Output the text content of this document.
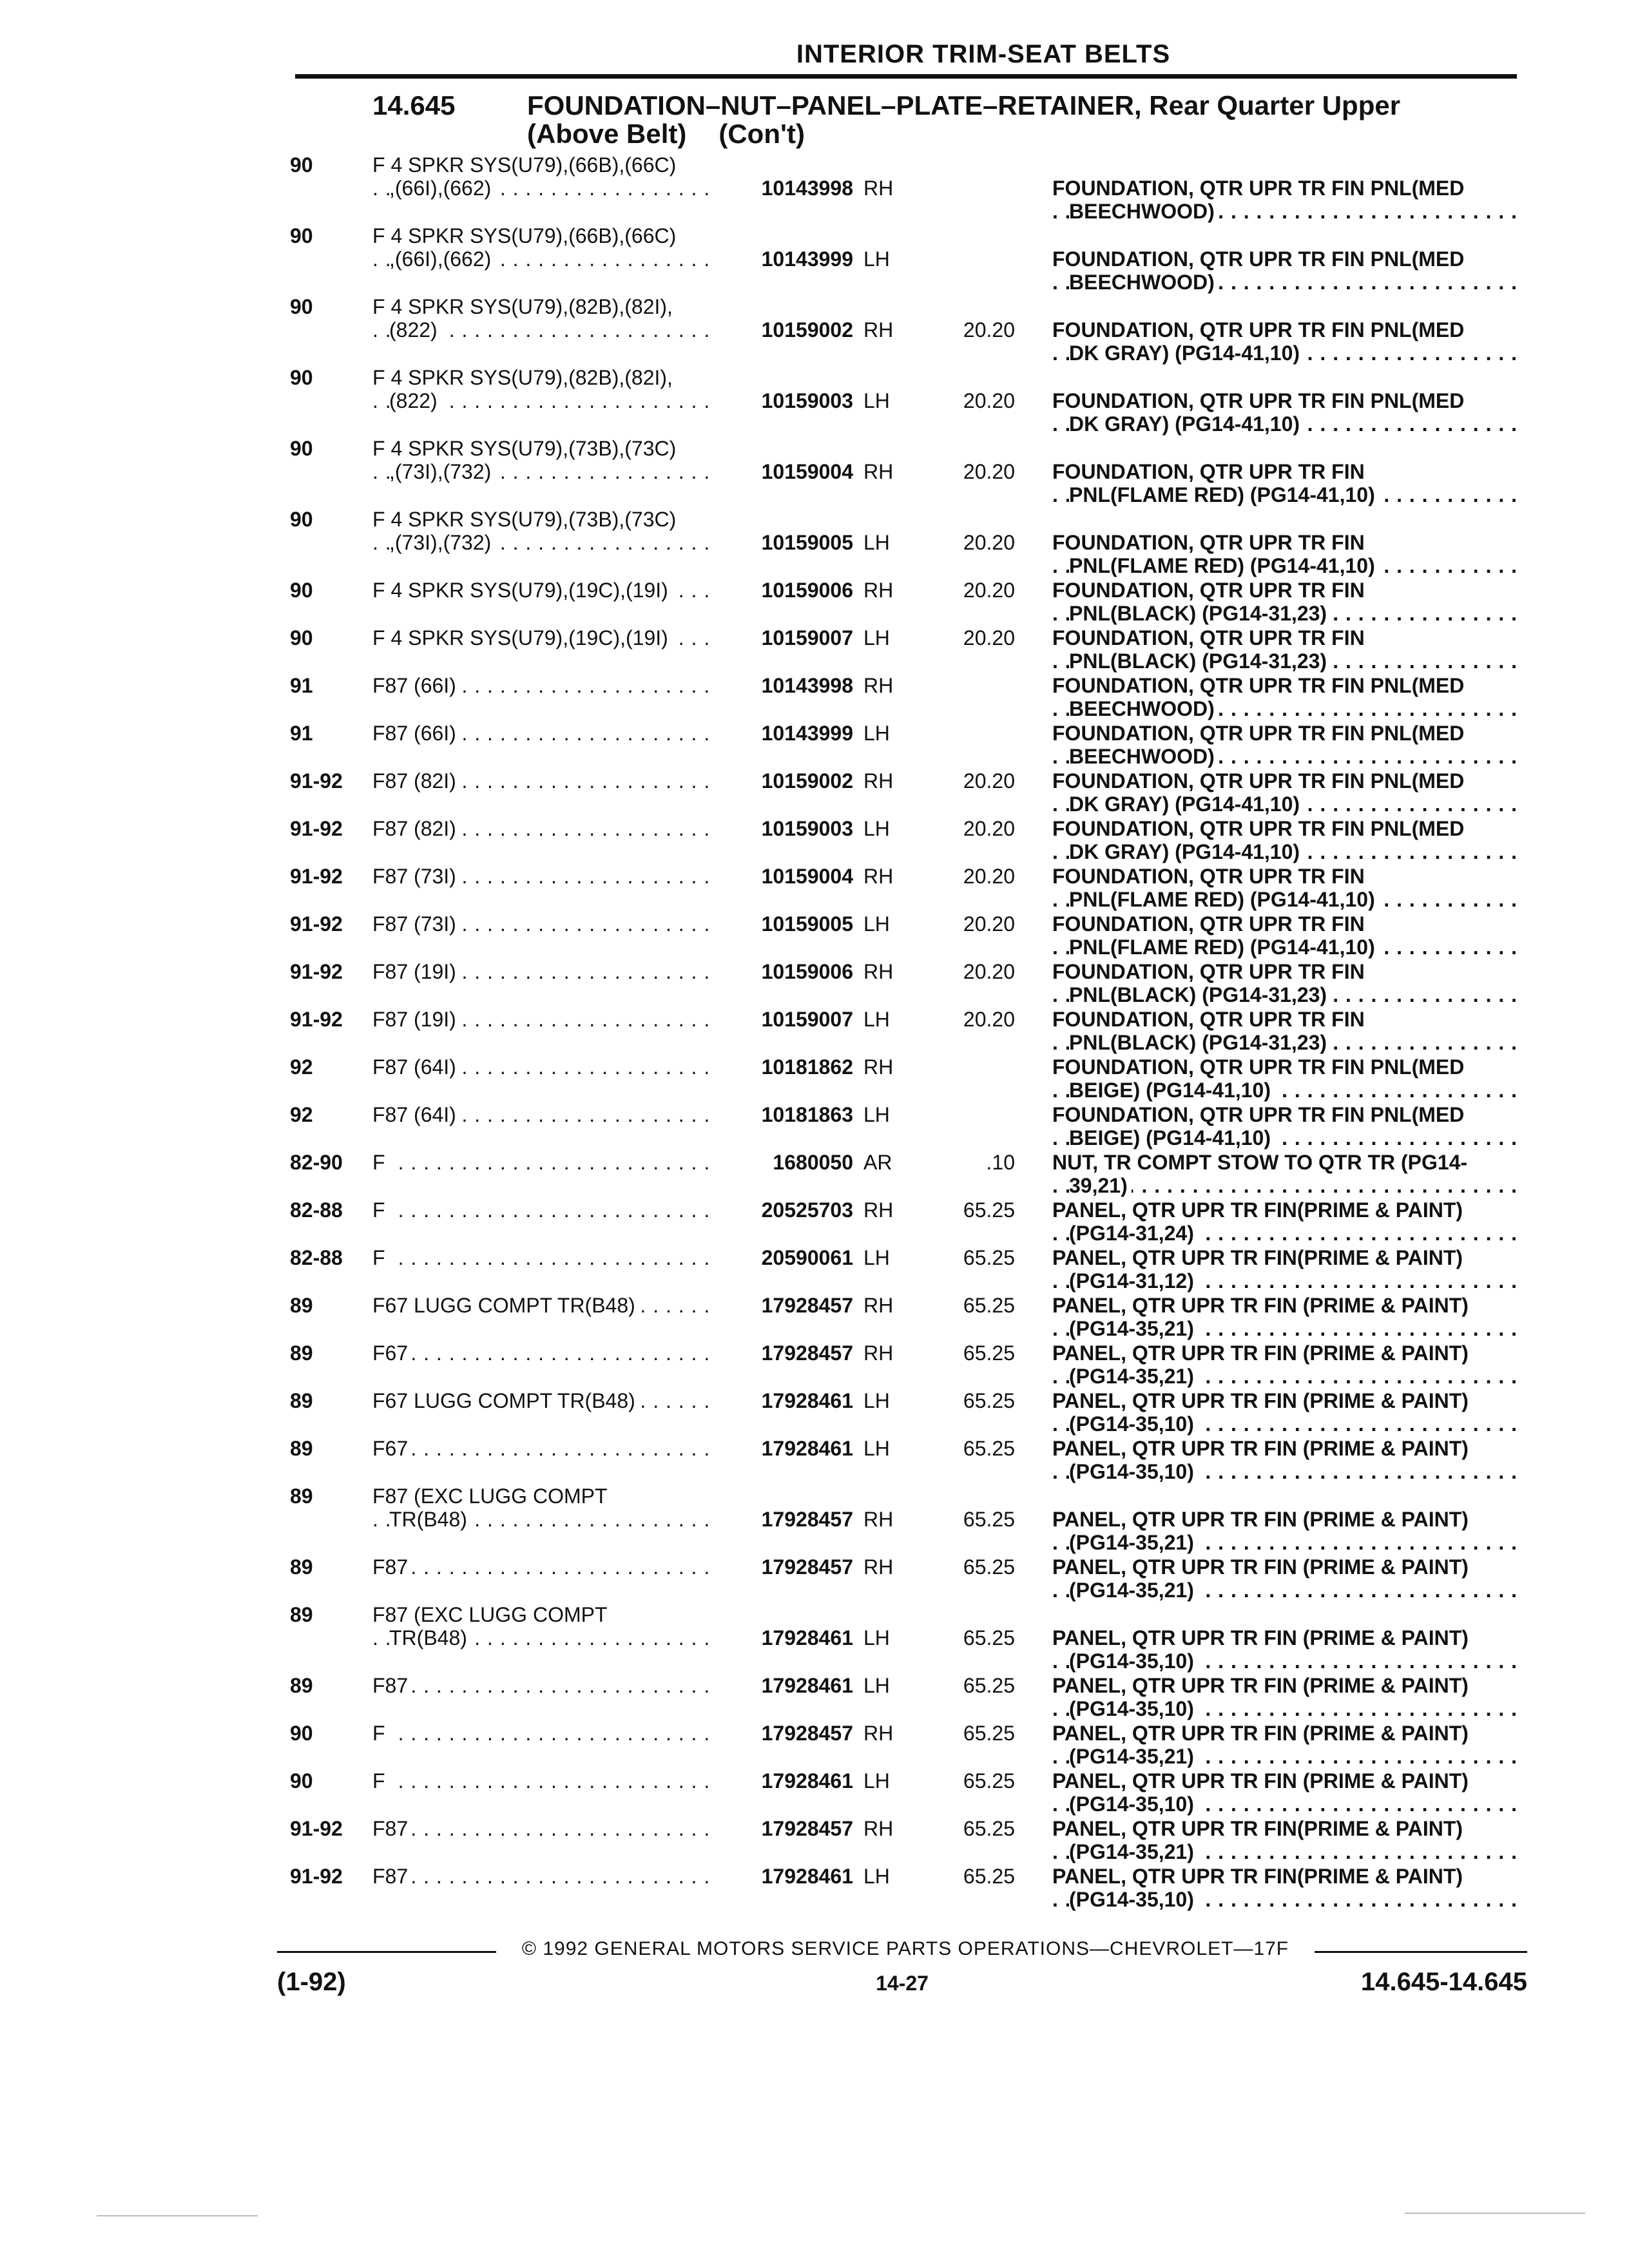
INTERIOR TRIM-SEAT BELTS
14.645	FOUNDATION–NUT–PANEL–PLATE–RETAINER, Rear Quarter Upper
(Above Belt) (Con't)
90	F 4 SPKR SYS(U79),(66B),(66C)
,(66I),(662) . . .	10143998 RH	FOUNDATION, QTR UPR TR FIN PNL(MED
BEECHWOOD) . . .
90	F 4 SPKR SYS(U79),(66B),(66C)
,(66I),(662) . . .	10143999 LH	FOUNDATION, QTR UPR TR FIN PNL(MED
BEECHWOOD) . . .
90	F 4 SPKR SYS(U79),(82B),(82I),
(822) . . .	10159002 RH	20.20 FOUNDATION, QTR UPR TR FIN PNL(MED
DK GRAY) (PG14-41,10) . . .
90	F 4 SPKR SYS(U79),(82B),(82I),
(822) . . .	10159003 LH	20.20 FOUNDATION, QTR UPR TR FIN PNL(MED
DK GRAY) (PG14-41,10) . . .
90	F 4 SPKR SYS(U79),(73B),(73C)
,(73I),(732) . . .	10159004 RH	20.20 FOUNDATION, QTR UPR TR FIN
PNL(FLAME RED) (PG14-41,10) . . .
90	F 4 SPKR SYS(U79),(73B),(73C)
,(73I),(732) . . .	10159005 LH	20.20 FOUNDATION, QTR UPR TR FIN
PNL(FLAME RED) (PG14-41,10) . . .
90	F 4 SPKR SYS(U79),(19C),(19I) . . .	10159006 RH	20.20 FOUNDATION, QTR UPR TR FIN
PNL(BLACK) (PG14-31,23) . . .
90	F 4 SPKR SYS(U79),(19C),(19I) . . .	10159007 LH	20.20 FOUNDATION, QTR UPR TR FIN
PNL(BLACK) (PG14-31,23) . . .
91	F87 (66I) . . .	10143998 RH	FOUNDATION, QTR UPR TR FIN PNL(MED
BEECHWOOD) . . .
91	F87 (66I) . . .	10143999 LH	FOUNDATION, QTR UPR TR FIN PNL(MED
BEECHWOOD) . . .
91-92	F87 (82I) . . .	10159002 RH	20.20 FOUNDATION, QTR UPR TR FIN PNL(MED
DK GRAY) (PG14-41,10) . . .
91-92	F87 (82I) . . .	10159003 LH	20.20 FOUNDATION, QTR UPR TR FIN PNL(MED
DK GRAY) (PG14-41,10) . . .
91-92	F87 (73I) . . .	10159004 RH	20.20 FOUNDATION, QTR UPR TR FIN
PNL(FLAME RED) (PG14-41,10) . . .
91-92	F87 (73I) . . .	10159005 LH	20.20 FOUNDATION, QTR UPR TR FIN
PNL(FLAME RED) (PG14-41,10) . . .
91-92	F87 (19I) . . .	10159006 RH	20.20 FOUNDATION, QTR UPR TR FIN
PNL(BLACK) (PG14-31,23) . . .
91-92	F87 (19I) . . .	10159007 LH	20.20 FOUNDATION, QTR UPR TR FIN
PNL(BLACK) (PG14-31,23) . . .
92	F87 (64I) . . .	10181862 RH	FOUNDATION, QTR UPR TR FIN PNL(MED
BEIGE) (PG14-41,10) . . .
92	F87 (64I) . . .	10181863 LH	FOUNDATION, QTR UPR TR FIN PNL(MED
BEIGE) (PG14-41,10) . . .
82-90	F . . .	1680050 AR	.10 NUT, TR COMPT STOW TO QTR TR (PG14-
39,21) . . .
82-88	F . . .	20525703 RH	65.25 PANEL, QTR UPR TR FIN(PRIME & PAINT)
(PG14-31,24) . . .
82-88	F . . .	20590061 LH	65.25 PANEL, QTR UPR TR FIN(PRIME & PAINT)
(PG14-31,12) . . .
89	F67 LUGG COMPT TR(B48) . . .	17928457 RH	65.25 PANEL, QTR UPR TR FIN (PRIME & PAINT)
(PG14-35,21) . . .
89	F67 . . .	17928457 RH	65.25 PANEL, QTR UPR TR FIN (PRIME & PAINT)
(PG14-35,21) . . .
89	F67 LUGG COMPT TR(B48) . . .	17928461 LH	65.25 PANEL, QTR UPR TR FIN (PRIME & PAINT)
(PG14-35,10) . . .
89	F67 . . .	17928461 LH	65.25 PANEL, QTR UPR TR FIN (PRIME & PAINT)
(PG14-35,10) . . .
89	F87 (EXC LUGG COMPT
TR(B48) . . .	17928457 RH	65.25 PANEL, QTR UPR TR FIN (PRIME & PAINT)
(PG14-35,21) . . .
89	F87 . . .	17928457 RH	65.25 PANEL, QTR UPR TR FIN (PRIME & PAINT)
(PG14-35,21) . . .
89	F87 (EXC LUGG COMPT
TR(B48) . . .	17928461 LH	65.25 PANEL, QTR UPR TR FIN (PRIME & PAINT)
(PG14-35,10) . . .
89	F87 . . .	17928461 LH	65.25 PANEL, QTR UPR TR FIN (PRIME & PAINT)
(PG14-35,10) . . .
90	F . . .	17928457 RH	65.25 PANEL, QTR UPR TR FIN (PRIME & PAINT)
(PG14-35,21) . . .
90	F . . .	17928461 LH	65.25 PANEL, QTR UPR TR FIN (PRIME & PAINT)
(PG14-35,10) . . .
91-92	F87 . . .	17928457 RH	65.25 PANEL, QTR UPR TR FIN(PRIME & PAINT)
(PG14-35,21) . . .
91-92	F87 . . .	17928461 LH	65.25 PANEL, QTR UPR TR FIN(PRIME & PAINT)
(PG14-35,10) . . .
© 1992 GENERAL MOTORS SERVICE PARTS OPERATIONS—CHEVROLET—17F
(1-92)	14-27	14.645-14.645
